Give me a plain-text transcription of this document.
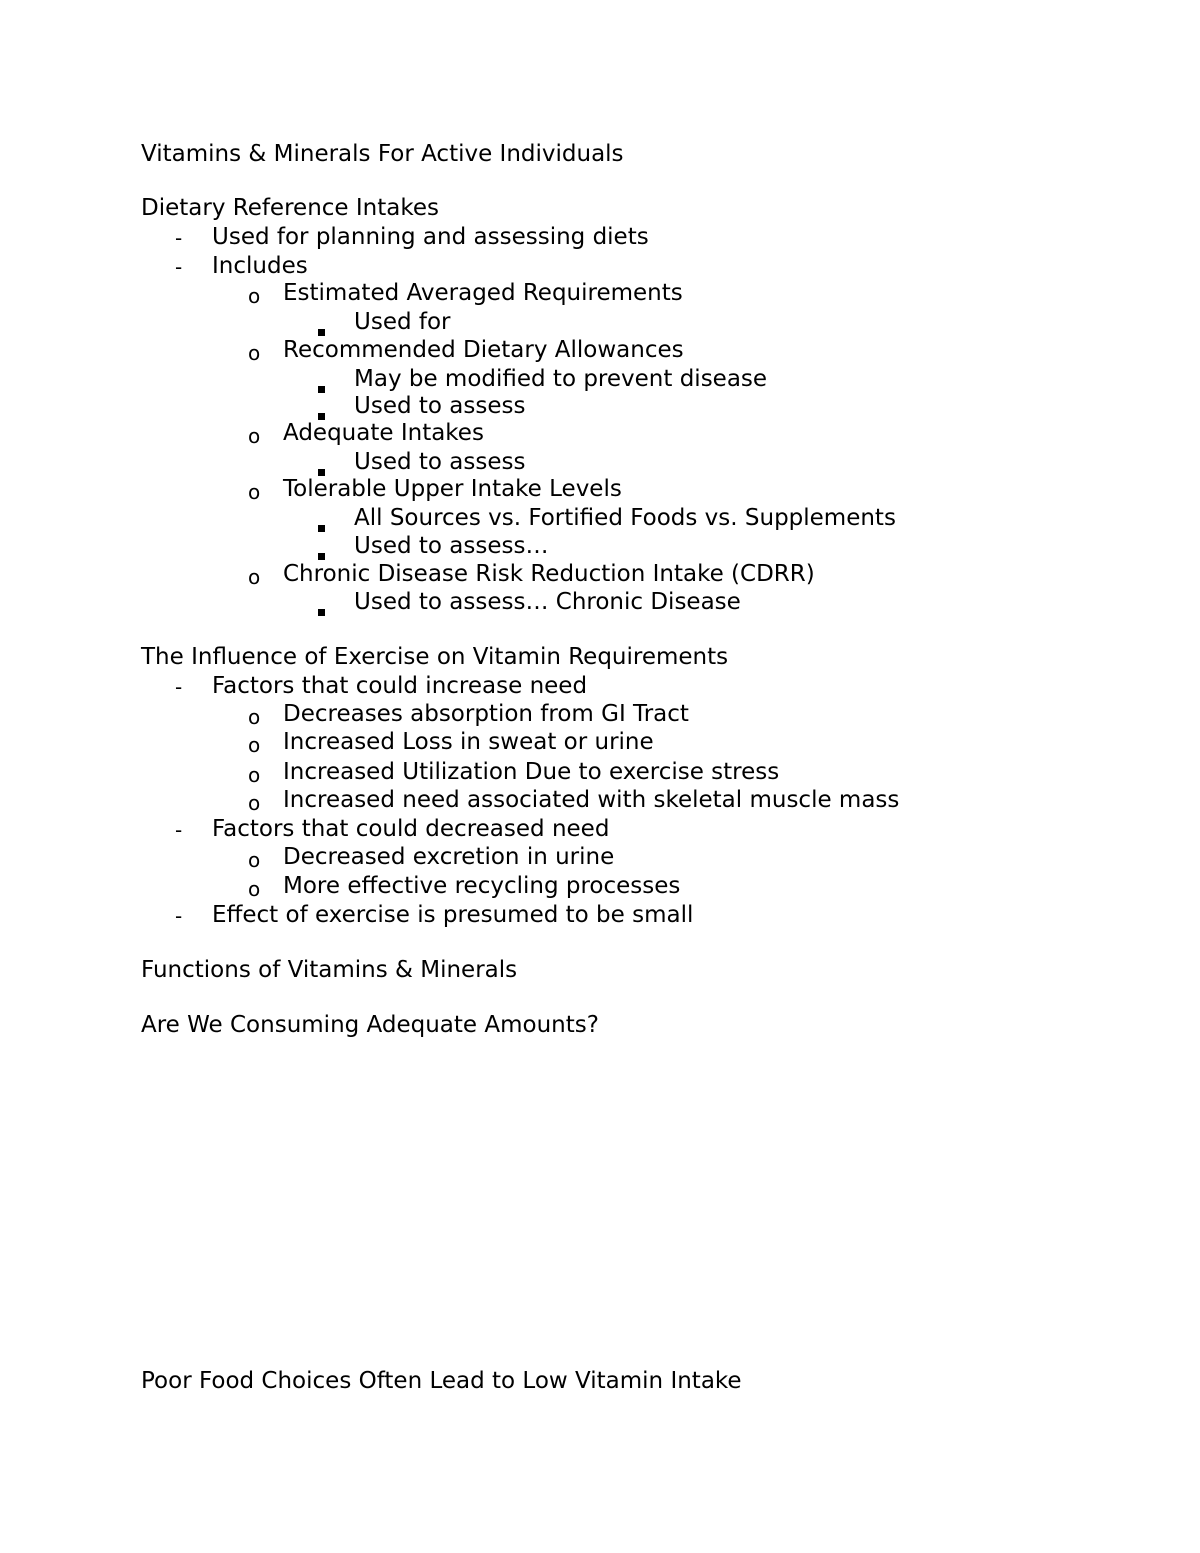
Vitamins & Minerals For Active Individuals
Dietary Reference Intakes
- Used for planning and assessing diets
- Includes
o Estimated Averaged Requirements
Used for
o Recommended Dietary Allowances
May be modified to prevent disease
Used to assess
o Adequate Intakes
Used to assess
o Tolerable Upper Intake Levels
All Sources vs. Fortified Foods vs. Supplements
Used to assess…
o Chronic Disease Risk Reduction Intake (CDRR)
Used to assess… Chronic Disease
The Influence of Exercise on Vitamin Requirements
- Factors that could increase need
o Decreases absorption from GI Tract
o Increased Loss in sweat or urine
o Increased Utilization Due to exercise stress
o Increased need associated with skeletal muscle mass
- Factors that could decreased need
o Decreased excretion in urine
o More effective recycling processes
- Effect of exercise is presumed to be small
Functions of Vitamins & Minerals
Are We Consuming Adequate Amounts?
Poor Food Choices Often Lead to Low Vitamin Intake
